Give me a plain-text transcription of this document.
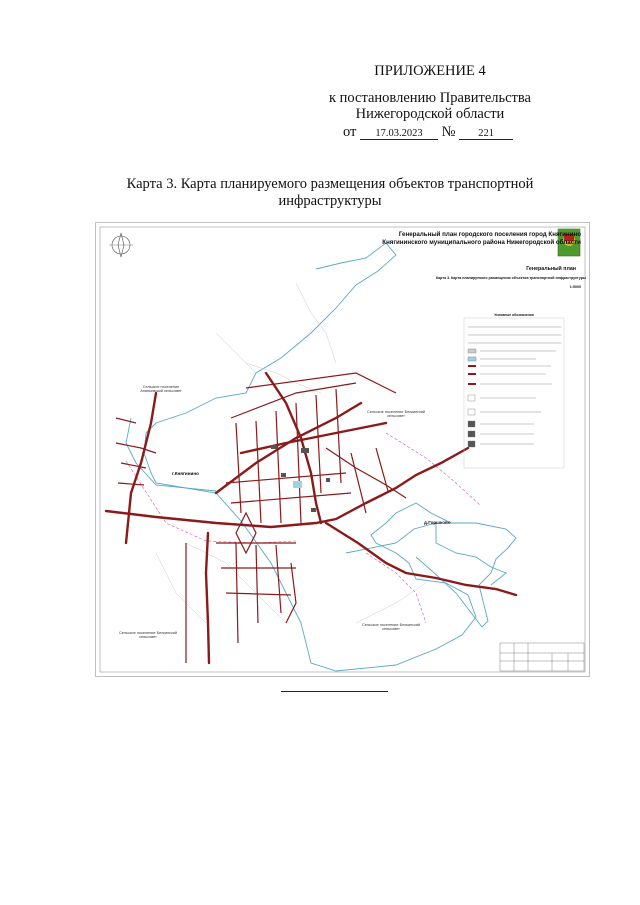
ПРИЛОЖЕНИЕ 4
к постановлению Правительства
Нижегородской области
от 17.03.2023 № 221
Карта 3. Карта планируемого размещения объектов транспортной инфраструктуры
Генеральный план городского поселения город Княгинино Княгининского муниципального района Нижегородской области
Генеральный план
Карта 3. Карта планируемого размещения объектов транспортной инфраструктуры
1:5000
Условные обозначения
г.Княгинино
д.Горшково
Сельское поселение Ананьевский сельсовет
Сельское поселение Белкинский сельсовет
Сельское поселение Белкинский сельсовет
Сельское поселение Белкинский сельсовет
